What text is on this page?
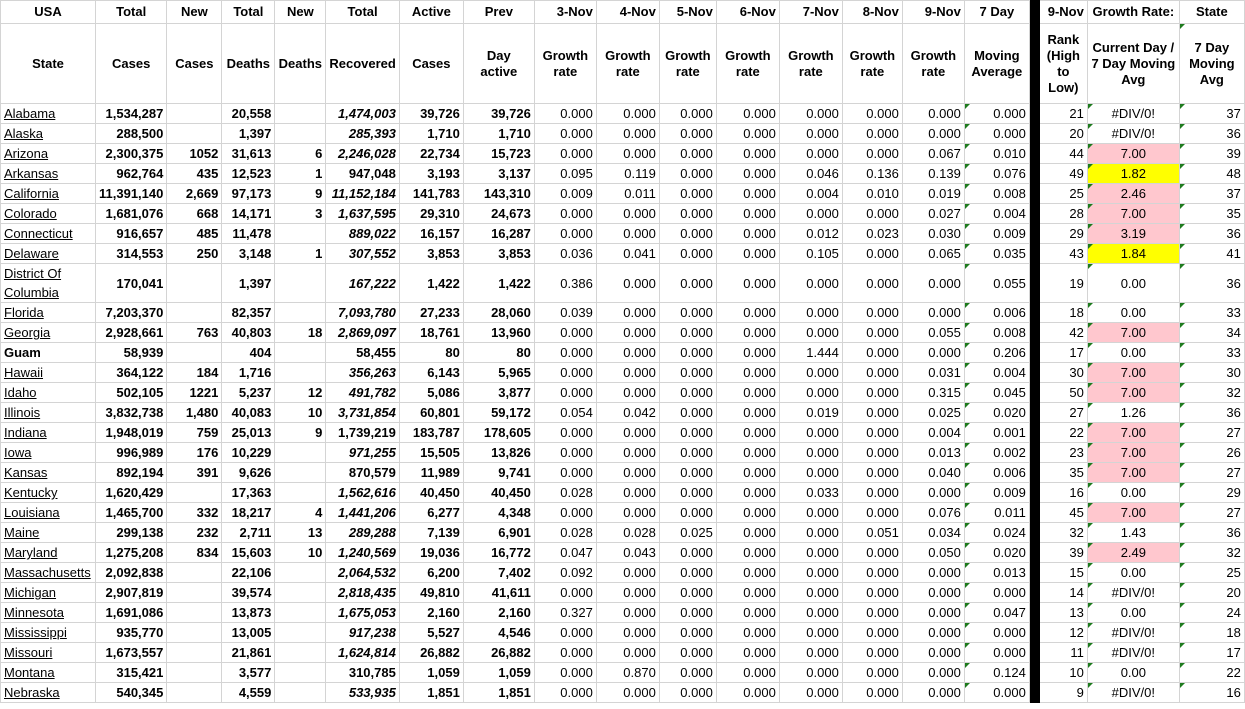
USA	Total	New	Total	New	Total	Active	Prev	3-Nov	4-Nov	5-Nov	6-Nov	7-Nov	8-Nov	9-Nov	7 Day		9-Nov	Growth Rate:	State
State	Cases	Cases	Deaths	Deaths	Recovered	Cases	Day active	Growth rate	Growth rate	Growth rate	Growth rate	Growth rate	Growth rate	Growth rate	Moving Average		Rank (High to Low)	Current Day / 7 Day Moving Avg	7 Day Moving Avg
Alabama	1,534,287		20,558		1,474,003	39,726	39,726	0.000	0.000	0.000	0.000	0.000	0.000	0.000	0.000		21	#DIV/0!	37
Alaska	288,500		1,397		285,393	1,710	1,710	0.000	0.000	0.000	0.000	0.000	0.000	0.000	0.000		20	#DIV/0!	36
Arizona	2,300,375	1052	31,613	6	2,246,028	22,734	15,723	0.000	0.000	0.000	0.000	0.000	0.000	0.067	0.010		44	7.00	39
Arkansas	962,764	435	12,523	1	947,048	3,193	3,137	0.095	0.119	0.000	0.000	0.046	0.136	0.139	0.076		49	1.82	48
California	11,391,140	2,669	97,173	9	11,152,184	141,783	143,310	0.009	0.011	0.000	0.000	0.004	0.010	0.019	0.008		25	2.46	37
Colorado	1,681,076	668	14,171	3	1,637,595	29,310	24,673	0.000	0.000	0.000	0.000	0.000	0.000	0.027	0.004		28	7.00	35
Connecticut	916,657	485	11,478		889,022	16,157	16,287	0.000	0.000	0.000	0.000	0.012	0.023	0.030	0.009		29	3.19	36
Delaware	314,553	250	3,148	1	307,552	3,853	3,853	0.036	0.041	0.000	0.000	0.105	0.000	0.065	0.035		43	1.84	41
District Of Columbia	170,041		1,397		167,222	1,422	1,422	0.386	0.000	0.000	0.000	0.000	0.000	0.000	0.055		19	0.00	36
Florida	7,203,370		82,357		7,093,780	27,233	28,060	0.039	0.000	0.000	0.000	0.000	0.000	0.000	0.006		18	0.00	33
Georgia	2,928,661	763	40,803	18	2,869,097	18,761	13,960	0.000	0.000	0.000	0.000	0.000	0.000	0.055	0.008		42	7.00	34
Guam	58,939		404		58,455	80	80	0.000	0.000	0.000	0.000	1.444	0.000	0.000	0.206		17	0.00	33
Hawaii	364,122	184	1,716		356,263	6,143	5,965	0.000	0.000	0.000	0.000	0.000	0.000	0.031	0.004		30	7.00	30
Idaho	502,105	1221	5,237	12	491,782	5,086	3,877	0.000	0.000	0.000	0.000	0.000	0.000	0.315	0.045		50	7.00	32
Illinois	3,832,738	1,480	40,083	10	3,731,854	60,801	59,172	0.054	0.042	0.000	0.000	0.019	0.000	0.025	0.020		27	1.26	36
Indiana	1,948,019	759	25,013	9	1,739,219	183,787	178,605	0.000	0.000	0.000	0.000	0.000	0.000	0.004	0.001		22	7.00	27
Iowa	996,989	176	10,229		971,255	15,505	13,826	0.000	0.000	0.000	0.000	0.000	0.000	0.013	0.002		23	7.00	26
Kansas	892,194	391	9,626		870,579	11,989	9,741	0.000	0.000	0.000	0.000	0.000	0.000	0.040	0.006		35	7.00	27
Kentucky	1,620,429		17,363		1,562,616	40,450	40,450	0.028	0.000	0.000	0.000	0.033	0.000	0.000	0.009		16	0.00	29
Louisiana	1,465,700	332	18,217	4	1,441,206	6,277	4,348	0.000	0.000	0.000	0.000	0.000	0.000	0.076	0.011		45	7.00	27
Maine	299,138	232	2,711	13	289,288	7,139	6,901	0.028	0.028	0.025	0.000	0.000	0.051	0.034	0.024		32	1.43	36
Maryland	1,275,208	834	15,603	10	1,240,569	19,036	16,772	0.047	0.043	0.000	0.000	0.000	0.000	0.050	0.020		39	2.49	32
Massachusetts	2,092,838		22,106		2,064,532	6,200	7,402	0.092	0.000	0.000	0.000	0.000	0.000	0.000	0.013		15	0.00	25
Michigan	2,907,819		39,574		2,818,435	49,810	41,611	0.000	0.000	0.000	0.000	0.000	0.000	0.000	0.000		14	#DIV/0!	20
Minnesota	1,691,086		13,873		1,675,053	2,160	2,160	0.327	0.000	0.000	0.000	0.000	0.000	0.000	0.047		13	0.00	24
Mississippi	935,770		13,005		917,238	5,527	4,546	0.000	0.000	0.000	0.000	0.000	0.000	0.000	0.000		12	#DIV/0!	18
Missouri	1,673,557		21,861		1,624,814	26,882	26,882	0.000	0.000	0.000	0.000	0.000	0.000	0.000	0.000		11	#DIV/0!	17
Montana	315,421		3,577		310,785	1,059	1,059	0.000	0.870	0.000	0.000	0.000	0.000	0.000	0.124		10	0.00	22
Nebraska	540,345		4,559		533,935	1,851	1,851	0.000	0.000	0.000	0.000	0.000	0.000	0.000	0.000		9	#DIV/0!	16
